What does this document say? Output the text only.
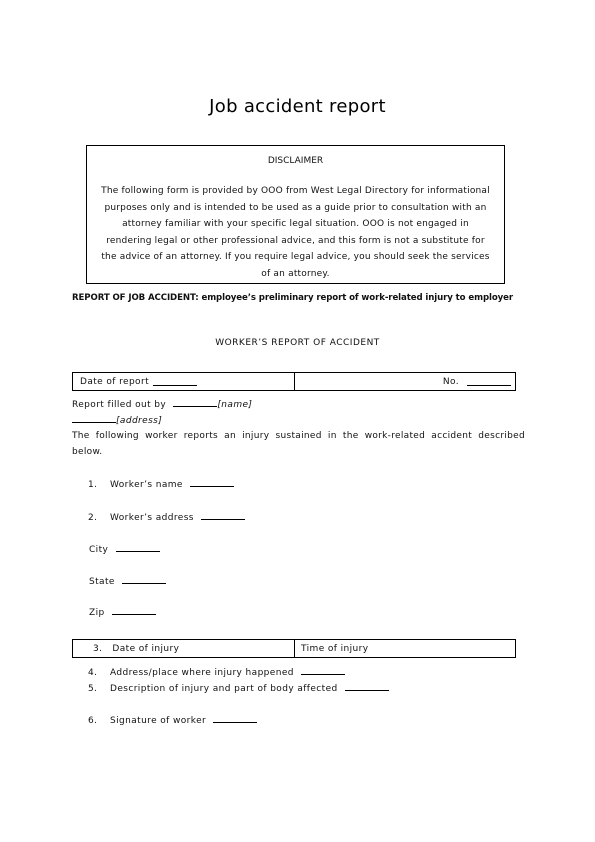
Job accident report
DISCLAIMER
The following form is provided by OOO from West Legal Directory for informational purposes only and is intended to be used as a guide prior to consultation with an attorney familiar with your specific legal situation. OOO is not engaged in rendering legal or other professional advice, and this form is not a substitute for the advice of an attorney. If you require legal advice, you should seek the services of an attorney.
REPORT OF JOB ACCIDENT: employee’s preliminary report of work-related injury to employer
WORKER’S REPORT OF ACCIDENT
Date of report	No.
Report filled out by	[name]
[address]
The following worker reports an injury sustained in the work-related accident described below.
1. Worker’s name
2. Worker’s address
City
State
Zip
3. Date of injury	Time of injury
4. Address/place where injury happened
5. Description of injury and part of body affected
6. Signature of worker
